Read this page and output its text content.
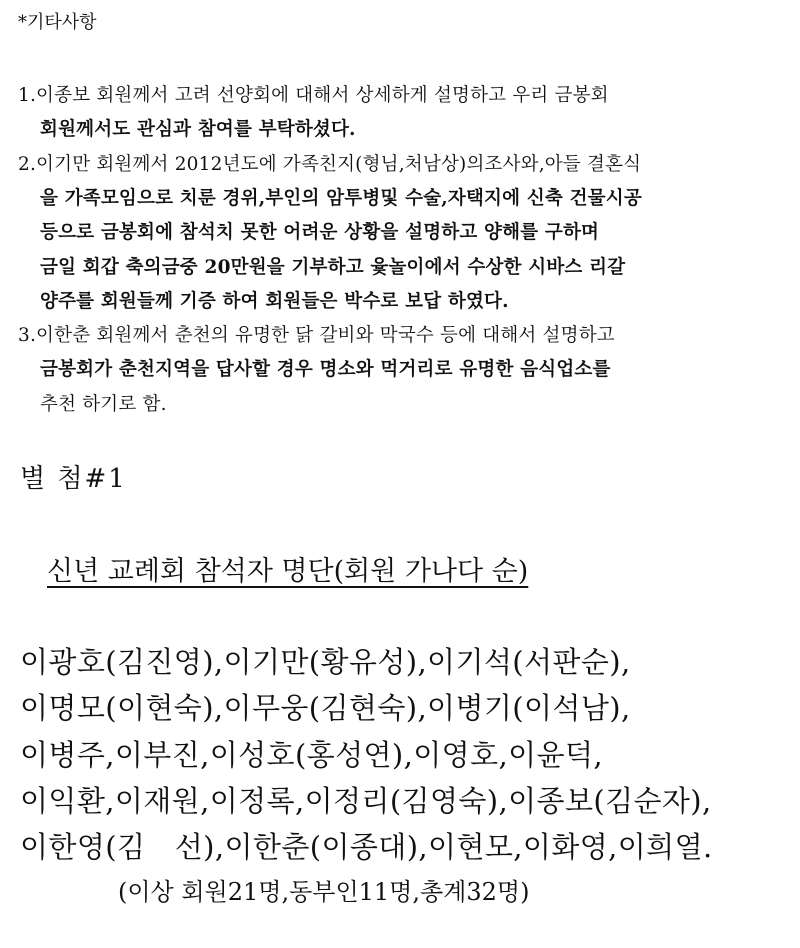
*기타사항
1.이종보 회원께서 고려 선양회에 대해서 상세하게 설명하고 우리 금봉회
회원께서도 관심과 참여를 부탁하셨다.
2.이기만 회원께서 2012년도에 가족친지(형님,처남상)의조사와,아들 결혼식
을 가족모임으로 치룬 경위,부인의 암투병및 수술,자택지에 신축 건물시공
등으로 금봉회에 참석치 못한 어려운 상황을 설명하고 양해를 구하며
금일 회갑 축의금중 20만원을 기부하고 윷놀이에서 수상한 시바스 리갈
양주를 회원들께 기증 하여 회원들은 박수로 보답 하였다.
3.이한춘 회원께서 춘천의 유명한 닭 갈비와 막국수 등에 대해서 설명하고
금봉회가 춘천지역을 답사할 경우 명소와 먹거리로 유명한 음식업소를
추천 하기로 함.
별 첨#1
신년 교례회 참석자 명단(회원 가나다 순)
이광호(김진영),이기만(황유성),이기석(서판순),
이명모(이현숙),이무웅(김현숙),이병기(이석남),
이병주,이부진,이성호(홍성연),이영호,이윤덕,
이익환,이재원,이정록,이정리(김영숙),이종보(김순자),
이한영(김　선),이한춘(이종대),이현모,이화영,이희열.
(이상 회원21명,동부인11명,총계32명)
